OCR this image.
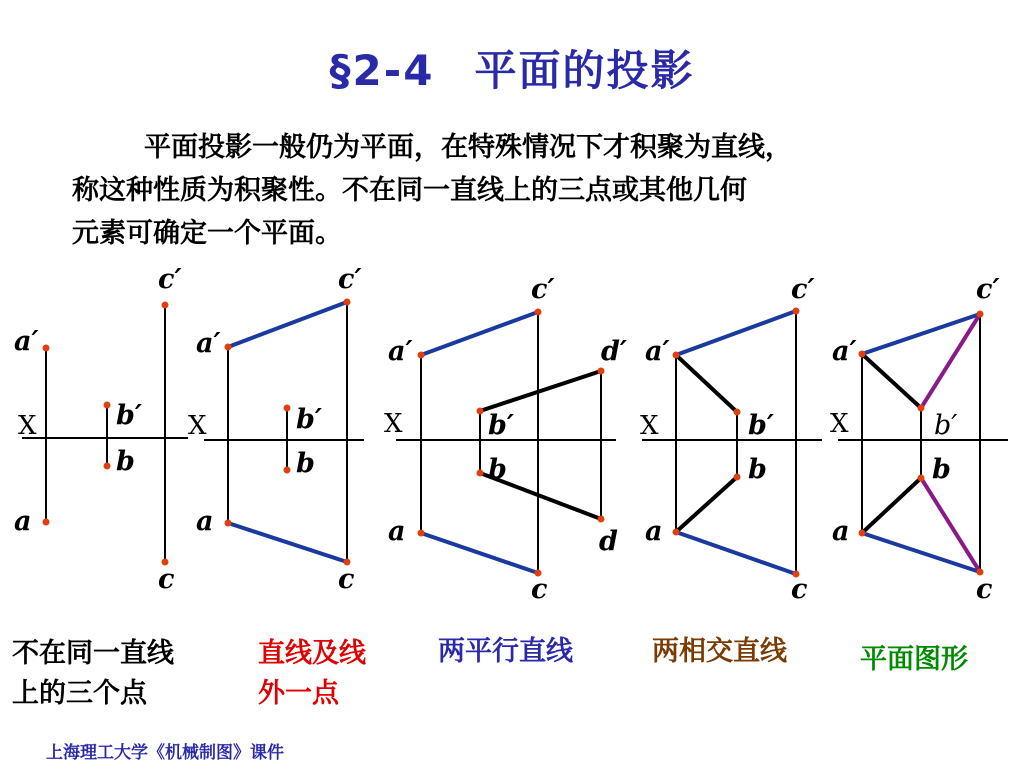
§2-4 平面的投影
平面投影一般仍为平面，在特殊情况下才积聚为直线，
称这种性质为积聚性。不在同一直线上的三点或其他几何
元素可确定一个平面。
X
a′
a
b′
b
c′
c
X
a′
a
b′
b
c′
c
X
a′
a
b′
b
c′
c
d′
d
X
a′
a
b′
b
c′
c
X
a′
a
b′
b
c′
c
不在同一直线
上的三个点
直线及线
外一点
两平行直线	两相交直线	平面图形
上海理工大学《机械制图》课件
